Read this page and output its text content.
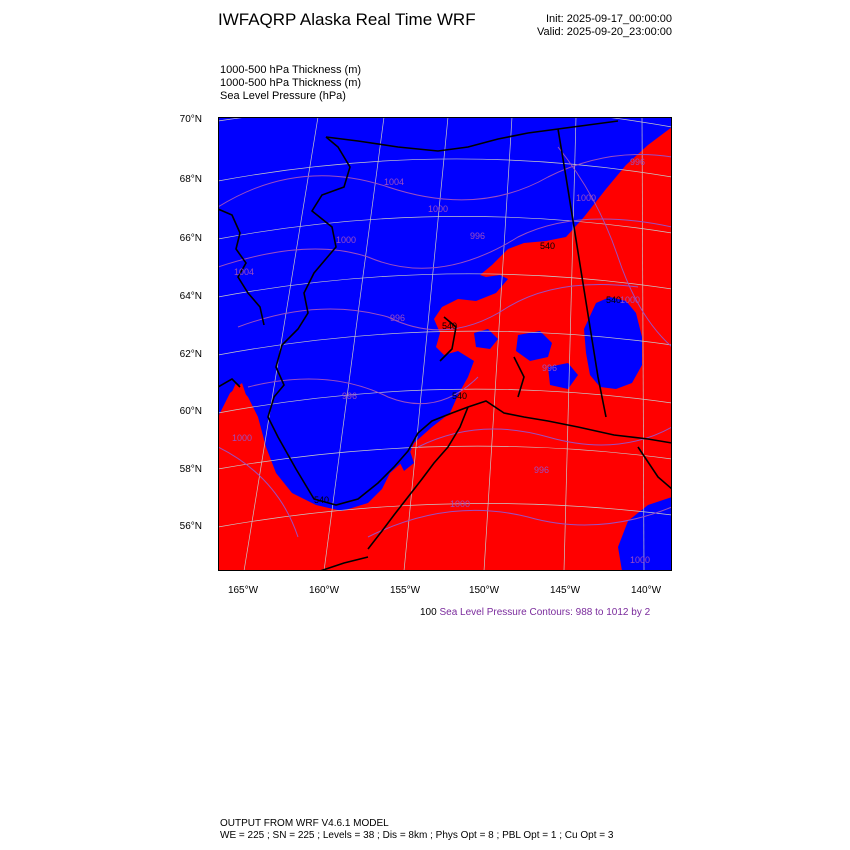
IWFAQRP Alaska Real Time WRF	Init: 2025-09-17_00:00:00
Valid: 2025-09-20_23:00:00
1000-500 hPa Thickness (m)
1000-500 hPa Thickness (m)
Sea Level Pressure (hPa)
70°N
68°N
66°N
64°N
62°N
60°N
58°N
56°N
165°W	160°W	155°W	150°W	145°W	140°W
1004
1000
996
1004
1000
996
996
540
540
1000
996
540
996
1000
540
540
1000
996
1000
1000
100 Sea Level Pressure Contours: 988 to 1012 by 2
OUTPUT FROM WRF V4.6.1 MODEL
WE = 225 ; SN = 225 ; Levels = 38 ; Dis = 8km ; Phys Opt = 8 ; PBL Opt = 1 ; Cu Opt = 3
